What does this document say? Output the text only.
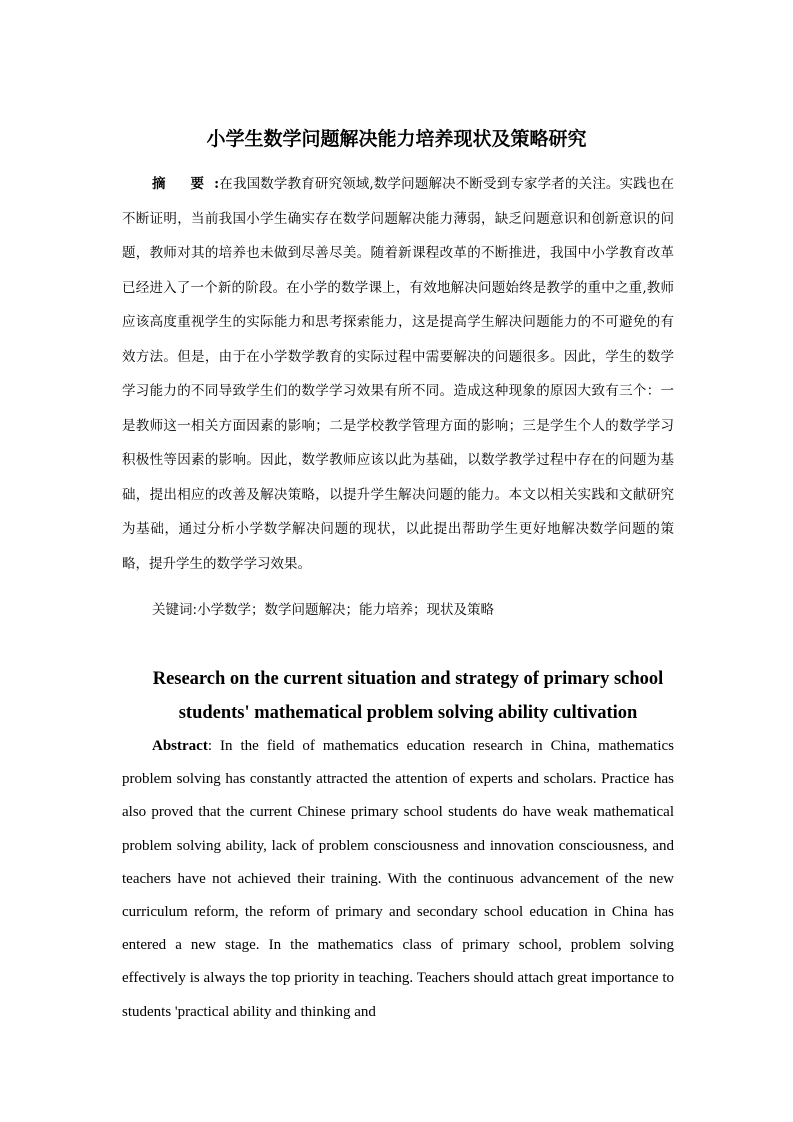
小学生数学问题解决能力培养现状及策略研究

摘 要:在我国数学教育研究领域,数学问题解决不断受到专家学者的关注。实践也在不断证明，当前我国小学生确实存在数学问题解决能力薄弱，缺乏问题意识和创新意识的问题，教师对其的培养也未做到尽善尽美。随着新课程改革的不断推进，我国中小学教育改革已经进入了一个新的阶段。在小学的数学课上，有效地解决问题始终是教学的重中之重,教师应该高度重视学生的实际能力和思考探索能力，这是提高学生解决问题能力的不可避免的有效方法。但是，由于在小学数学教育的实际过程中需要解决的问题很多。因此，学生的数学学习能力的不同导致学生们的数学学习效果有所不同。造成这种现象的原因大致有三个：一是教师这一相关方面因素的影响；二是学校教学管理方面的影响；三是学生个人的数学学习积极性等因素的影响。因此，数学教师应该以此为基础，以数学教学过程中存在的问题为基础，提出相应的改善及解决策略，以提升学生解决问题的能力。本文以相关实践和文献研究为基础，通过分析小学数学解决问题的现状，以此提出帮助学生更好地解决数学问题的策略，提升学生的数学学习效果。

关键词:小学数学；数学问题解决；能力培养；现状及策略

Research on the current situation and strategy of primary school students' mathematical problem solving ability cultivation

Abstract: In the field of mathematics education research in China, mathematics problem solving has constantly attracted the attention of experts and scholars. Practice has also proved that the current Chinese primary school students do have weak mathematical problem solving ability, lack of problem consciousness and innovation consciousness, and teachers have not achieved their training. With the continuous advancement of the new curriculum reform, the reform of primary and secondary school education in China has entered a new stage. In the mathematics class of primary school, problem solving effectively is always the top priority in teaching. Teachers should attach great importance to students 'practical ability and thinking and
